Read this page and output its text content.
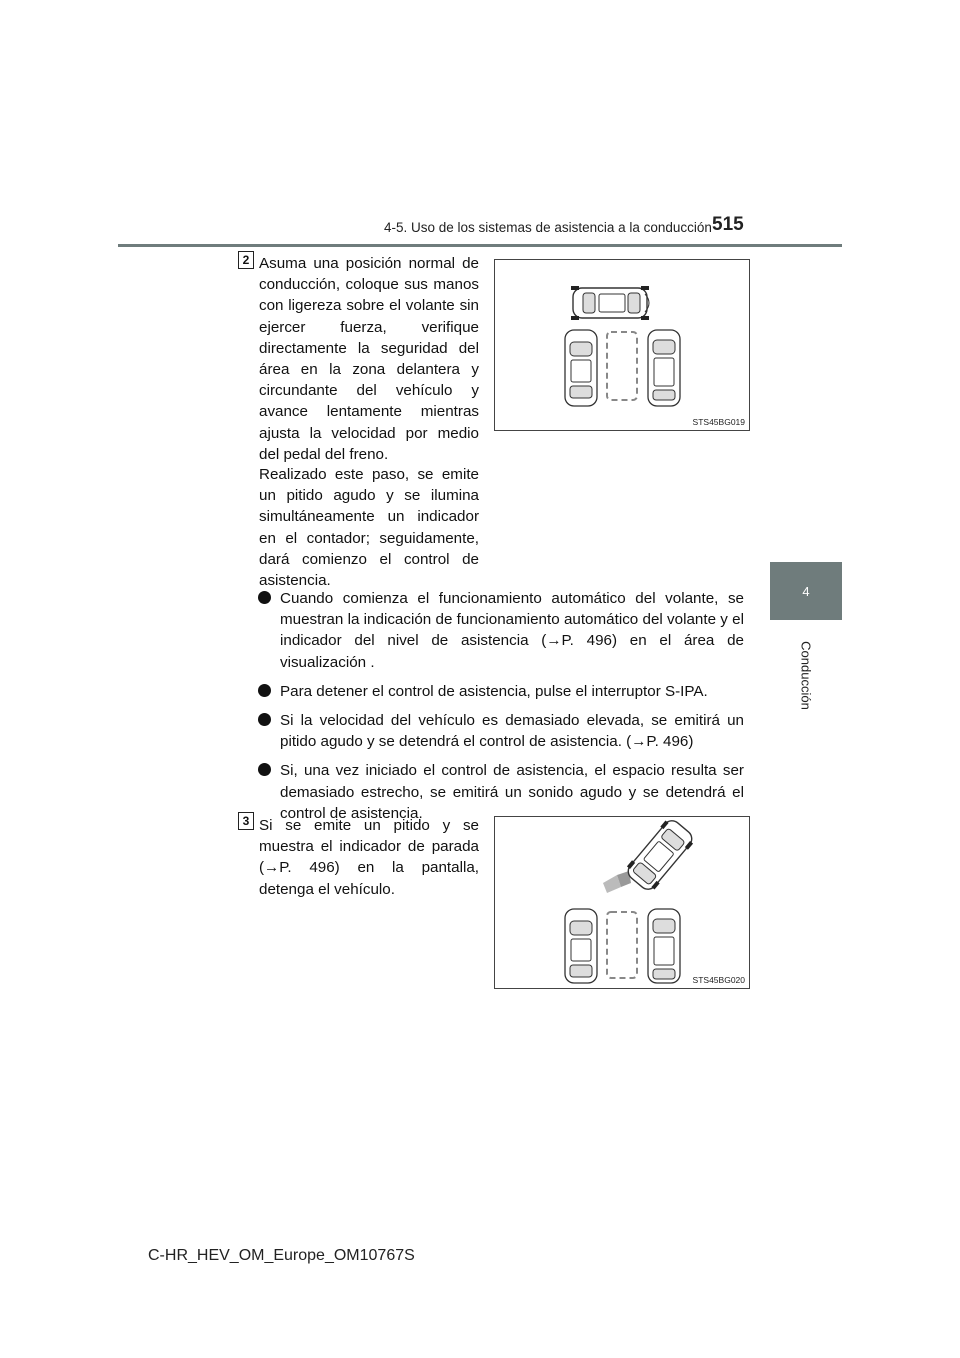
4-5. Uso de los sistemas de asistencia a la conducción 515
4
Conducción
2 Asuma una posición normal de conducción, coloque sus manos con ligereza sobre el volante sin ejercer fuerza, verifique directamente la seguridad del área en la zona delantera y circundante del vehículo y avance lentamente mientras ajusta la velocidad por medio del pedal del freno.

Realizado este paso, se emite un pitido agudo y se ilumina simultáneamente un indicador en el contador; seguidamente, dará comienzo el control de asistencia.

STS45BG019
Cuando comienza el funcionamiento automático del volante, se muestran la indicación de funcionamiento automático del volante y el indicador del nivel de asistencia (→P. 496) en el área de visualización .
Para detener el control de asistencia, pulse el interruptor S-IPA.
Si la velocidad del vehículo es demasiado elevada, se emitirá un pitido agudo y se detendrá el control de asistencia. (→P. 496)
Si, una vez iniciado el control de asistencia, el espacio resulta ser demasiado estrecho, se emitirá un sonido agudo y se detendrá el control de asistencia.
3 Si se emite un pitido y se muestra el indicador de parada (→P. 496) en la pantalla, detenga el vehículo.

STS45BG020
C-HR_HEV_OM_Europe_OM10767S
